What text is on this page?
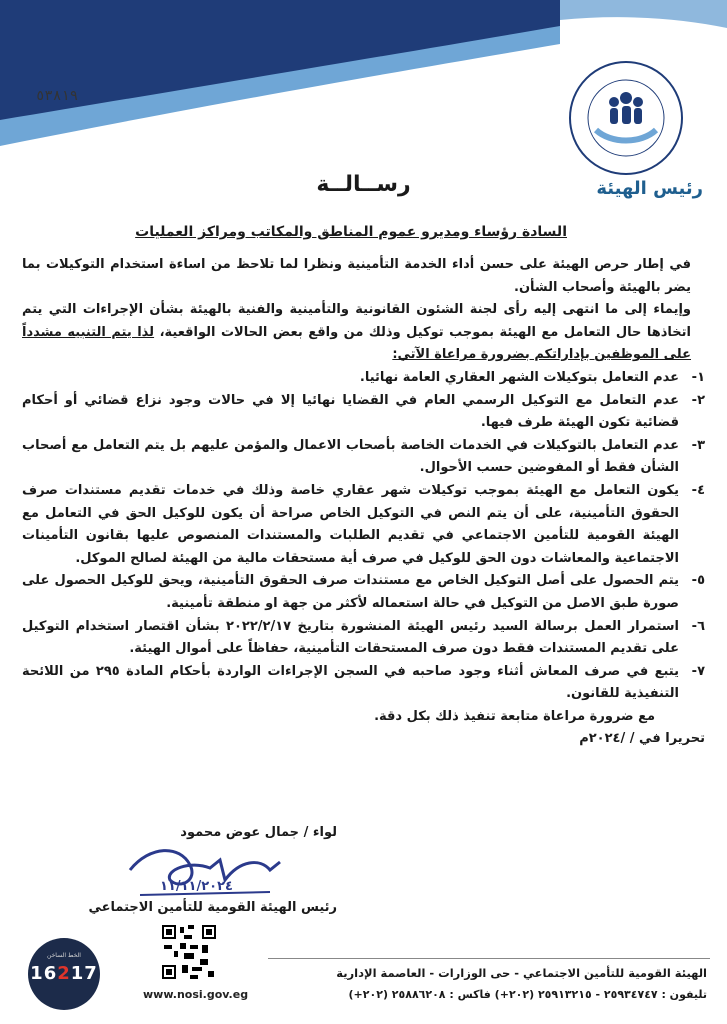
٥٣٨١٩
رئيس الهيئة
رســالــة
السادة رؤساء ومديرو عموم المناطق والمكاتب ومراكز العمليات

في إطار حرص الهيئة على حسن أداء الخدمة التأمينية ونظرا لما تلاحظ من اساءة استخدام التوكيلات بما يضر بالهيئة وأصحاب الشأن.

وإيماء إلى ما انتهى إليه رأى لجنة الشئون القانونية والتأمينية والفنية بالهيئة بشأن الإجراءات التي يتم اتخاذها حال التعامل مع الهيئة بموجب توكيل وذلك من واقع بعض الحالات الواقعية، لذا يتم التنبيه مشدداً على الموظفين بإداراتكم بضرورة مراعاة الآتي:

١-
عدم التعامل بتوكيلات الشهر العقاري العامة نهائيا.
٢-
عدم التعامل مع التوكيل الرسمي العام في القضايا نهائيا إلا في حالات وجود نزاع قضائي أو أحكام قضائية تكون الهيئة طرف فيها.
٣-
عدم التعامل بالتوكيلات في الخدمات الخاصة بأصحاب الاعمال والمؤمن عليهم بل يتم التعامل مع أصحاب الشأن فقط أو المفوضين حسب الأحوال.
٤-
يكون التعامل مع الهيئة بموجب توكيلات شهر عقاري خاصة وذلك في خدمات تقديم مستندات صرف الحقوق التأمينية، على أن يتم النص في التوكيل الخاص صراحة أن يكون للوكيل الحق في التعامل مع الهيئة القومية للتأمين الاجتماعي في تقديم الطلبات والمستندات المنصوص عليها بقانون التأمينات الاجتماعية والمعاشات دون الحق للوكيل في صرف أية مستحقات مالية من الهيئة لصالح الموكل.
٥-
يتم الحصول على أصل التوكيل الخاص مع مستندات صرف الحقوق التأمينية، ويحق للوكيل الحصول على صورة طبق الاصل من التوكيل في حالة استعماله لأكثر من جهة او منطقة تأمينية.
٦-
استمرار العمل برسالة السيد رئيس الهيئة المنشورة بتاريخ ٢٠٢٢/٢/١٧ بشأن اقتصار استخدام التوكيل على تقديم المستندات فقط دون صرف المستحقات التأمينية، حفاظاً على أموال الهيئة.
٧-
يتبع في صرف المعاش أثناء وجود صاحبه في السجن الإجراءات الواردة بأحكام المادة ٢٩٥ من اللائحة التنفيذية للقانون.

مع ضرورة مراعاة متابعة تنفيذ ذلك بكل دقة.

تحريرا في / /٢٠٢٤م

لواء / جمال عوض محمود
١١/١١/٢٠٢٤
رئيس الهيئة القومية للتأمين الاجتماعي
www.nosi.gov.eg
الخط الساخن
16217	الهيئة القومية للتأمين الاجتماعي - حى الوزارات - العاصمة الإدارية
تليفون : ٢٥٩٣٤٧٤٧ - ٢٥٩١٣٢١٥ (٢٠٢+) فاكس : ٢٥٨٨٦٢٠٨ (٢٠٢+)
